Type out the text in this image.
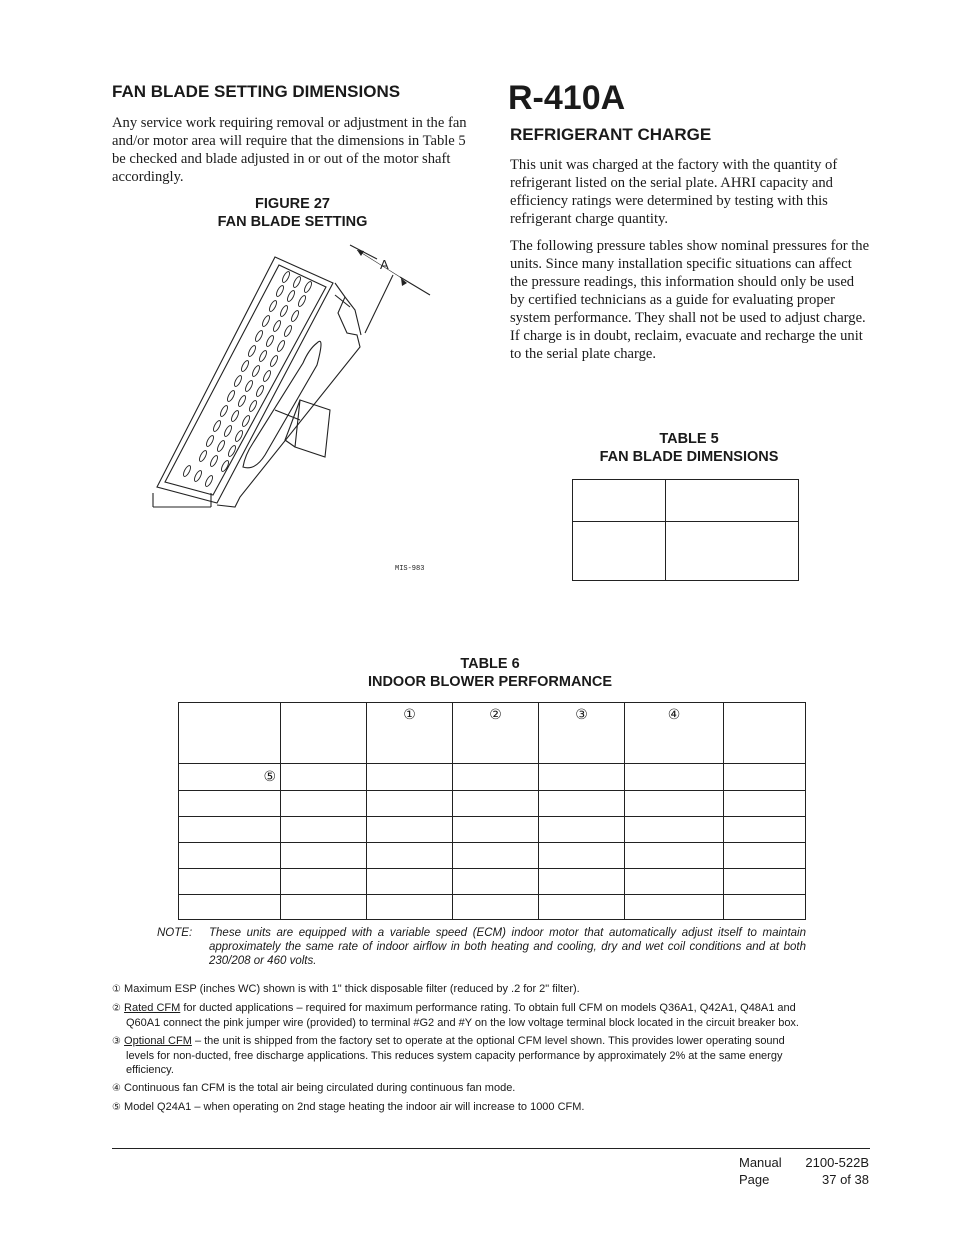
FAN BLADE SETTING DIMENSIONS

Any service work requiring removal or adjustment in the fan and/or motor area will require that the dimensions in Table 5 be checked and blade adjusted in or out of the motor shaft accordingly.

FIGURE 27
FAN BLADE SETTING
A
MIS-983
R-410A
REFRIGERANT CHARGE

This unit was charged at the factory with the quantity of refrigerant listed on the serial plate. AHRI capacity and efficiency ratings were determined by testing with this refrigerant charge quantity.

The following pressure tables show nominal pressures for the units. Since many installation specific situations can affect the pressure readings, this information should only be used by certified technicians as a guide for evaluating proper system performance. They shall not be used to adjust charge. If charge is in doubt, reclaim, evacuate and recharge the unit to the serial plate charge.

TABLE 5
FAN BLADE DIMENSIONS

TABLE 6
INDOOR BLOWER PERFORMANCE
		①	②	③	④	
⑤						

NOTE: These units are equipped with a variable speed (ECM) indoor motor that automatically adjust itself to maintain approximately the same rate of indoor airflow in both heating and cooling, dry and wet coil conditions and at both 230/208 or 460 volts.
① Maximum ESP (inches WC) shown is with 1" thick disposable filter (reduced by .2 for 2" filter).
② Rated CFM for ducted applications – required for maximum performance rating. To obtain full CFM on models Q36A1, Q42A1, Q48A1 and
Q60A1 connect the pink jumper wire (provided) to terminal #G2 and #Y on the low voltage terminal block located in the circuit breaker box.
③ Optional CFM – the unit is shipped from the factory set to operate at the optional CFM level shown. This provides lower operating sound
levels for non-ducted, free discharge applications. This reduces system capacity performance by approximately 2% at the same energy
efficiency.
④ Continuous fan CFM is the total air being circulated during continuous fan mode.
⑤ Model Q24A1 – when operating on 2nd stage heating the indoor air will increase to 1000 CFM.
Manual
Page
2100-522B
37 of 38
